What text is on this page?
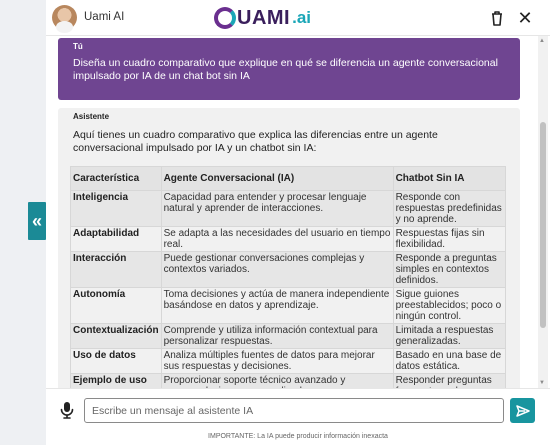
«
Uami AI	UAMI .ai	✕
Tú
Diseña un cuadro comparativo que explique en qué se diferencia un agente conversacional impulsado por IA de un chat bot sin IA
Asistente
Aquí tienes un cuadro comparativo que explica las diferencias entre un agente conversacional impulsado por IA y un chatbot sin IA:
Característica	Agente Conversacional (IA)	Chatbot Sin IA
Inteligencia	Capacidad para entender y procesar lenguaje natural y aprender de interacciones.	Responde con respuestas predefinidas y no aprende.
Adaptabilidad	Se adapta a las necesidades del usuario en tiempo real.	Respuestas fijas sin flexibilidad.
Interacción	Puede gestionar conversaciones complejas y contextos variados.	Responde a preguntas simples en contextos definidos.
Autonomía	Toma decisiones y actúa de manera independiente basándose en datos y aprendizaje.	Sigue guiones preestablecidos; poco o ningún control.
Contextualización	Comprende y utiliza información contextual para personalizar respuestas.	Limitada a respuestas generalizadas.
Uso de datos	Analiza múltiples fuentes de datos para mejorar sus respuestas y decisiones.	Basado en una base de datos estática.
Ejemplo de uso	Proporcionar soporte técnico avanzado y	Responder preguntas
▲
▼
Escribe un mensaje al asistente IA
IMPORTANTE: La IA puede producir información inexacta
